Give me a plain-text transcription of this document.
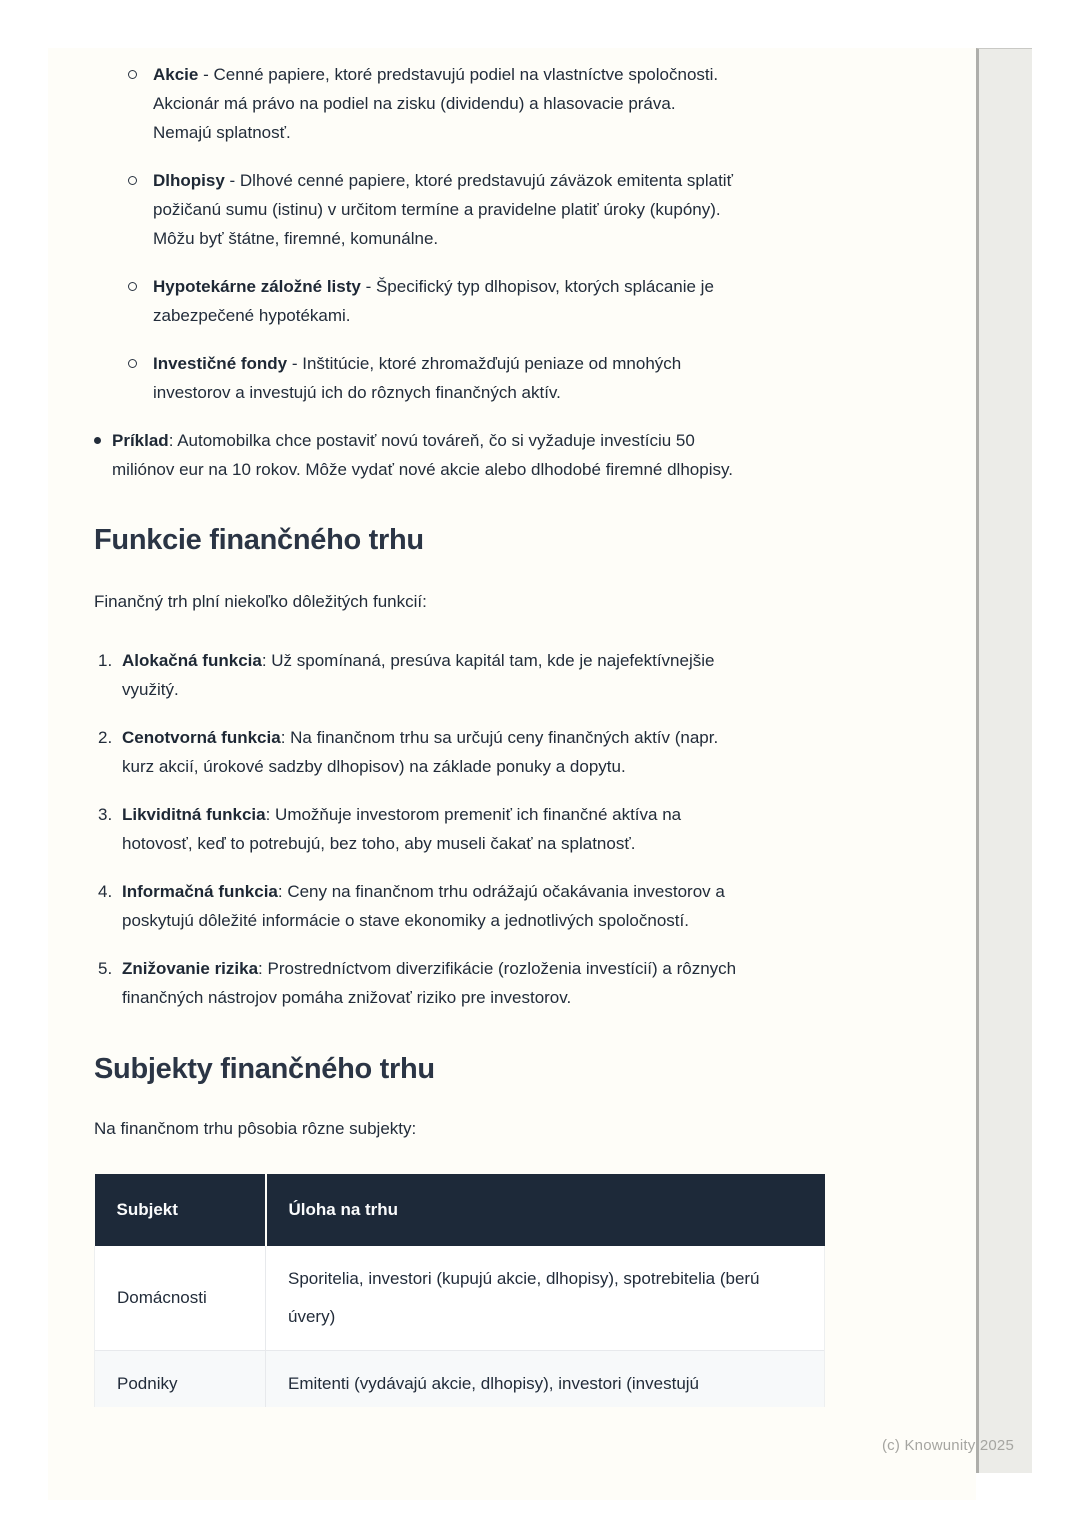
Akcie - Cenné papiere, ktoré predstavujú podiel na vlastníctve spoločnosti. Akcionár má právo na podiel na zisku (dividendu) a hlasovacie práva. Nemajú splatnosť.
Dlhopisy - Dlhové cenné papiere, ktoré predstavujú záväzok emitenta splatiť požičanú sumu (istinu) v určitom termíne a pravidelne platiť úroky (kupóny). Môžu byť štátne, firemné, komunálne.
Hypotekárne záložné listy - Špecifický typ dlhopisov, ktorých splácanie je zabezpečené hypotékami.
Investičné fondy - Inštitúcie, ktoré zhromažďujú peniaze od mnohých investorov a investujú ich do rôznych finančných aktív.
Príklad: Automobilka chce postaviť novú továreň, čo si vyžaduje investíciu 50 miliónov eur na 10 rokov. Môže vydať nové akcie alebo dlhodobé firemné dlhopisy.
Funkcie finančného trhu

Finančný trh plní niekoľko dôležitých funkcií:

1. Alokačná funkcia: Už spomínaná, presúva kapitál tam, kde je najefektívnejšie využitý.
2. Cenotvorná funkcia: Na finančnom trhu sa určujú ceny finančných aktív (napr. kurz akcií, úrokové sadzby dlhopisov) na základe ponuky a dopytu.
3. Likviditná funkcia: Umožňuje investorom premeniť ich finančné aktíva na hotovosť, keď to potrebujú, bez toho, aby museli čakať na splatnosť.
4. Informačná funkcia: Ceny na finančnom trhu odrážajú očakávania investorov a poskytujú dôležité informácie o stave ekonomiky a jednotlivých spoločností.
5. Znižovanie rizika: Prostredníctvom diverzifikácie (rozloženia investícií) a rôznych finančných nástrojov pomáha znižovať riziko pre investorov.
Subjekty finančného trhu

Na finančnom trhu pôsobia rôzne subjekty:

Subjekt	Úloha na trhu
Domácnosti	Sporitelia, investori (kupujú akcie, dlhopisy), spotrebitelia (berú úvery)
Podniky	Emitenti (vydávajú akcie, dlhopisy), investori (investujú
(c) Knowunity 2025
